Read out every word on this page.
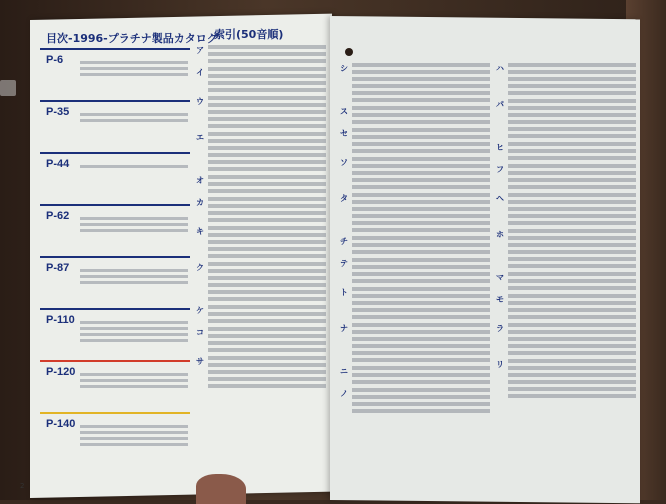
目次-1996-プラチナ製品カタログ
索引(50音順)
P-6
P-35
P-44
P-62
P-87
P-110
P-120
P-140
ア
イ
ウ
エ
オ
カ
キ
ク
ケ
コ
サ
シ
ス
セ
ソ
タ
チ
テ
ト
ナ
ニ
ノ
ハ
パ
ヒ
フ
ヘ
ホ
マ
モ
ラ
リ
2
